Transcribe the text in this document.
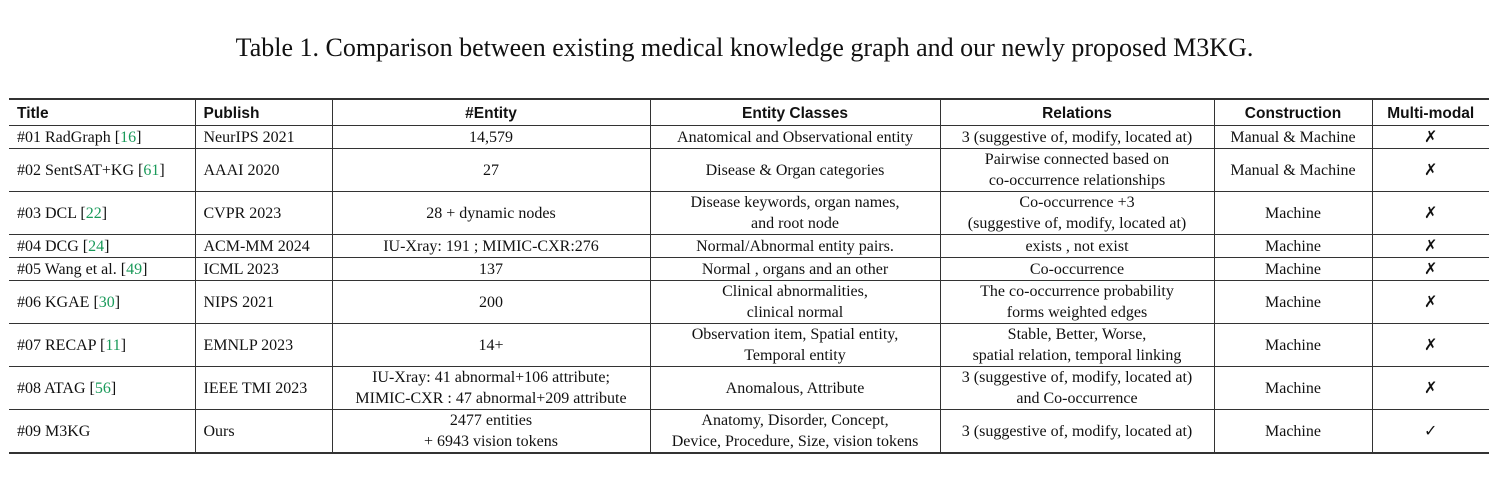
Table 1. Comparison between existing medical knowledge graph and our newly proposed M3KG.
Title	Publish	#Entity	Entity Classes	Relations	Construction	Multi-modal
#01 RadGraph [16]	NeurIPS 2021	14,579	Anatomical and Observational entity	3 (suggestive of, modify, located at)	Manual & Machine	✗
#02 SentSAT+KG [61]	AAAI 2020	27	Disease & Organ categories	Pairwise connected based on
co-occurrence relationships	Manual & Machine	✗
#03 DCL [22]	CVPR 2023	28 + dynamic nodes	Disease keywords, organ names,
and root node	Co-occurrence +3
(suggestive of, modify, located at)	Machine	✗
#04 DCG [24]	ACM-MM 2024	IU-Xray: 191 ; MIMIC-CXR:276	Normal/Abnormal entity pairs.	exists , not exist	Machine	✗
#05 Wang et al. [49]	ICML 2023	137	Normal , organs and an other	Co-occurrence	Machine	✗
#06 KGAE [30]	NIPS 2021	200	Clinical abnormalities,
clinical normal	The co-occurrence probability
forms weighted edges	Machine	✗
#07 RECAP [11]	EMNLP 2023	14+	Observation item, Spatial entity,
Temporal entity	Stable, Better, Worse,
spatial relation, temporal linking	Machine	✗
#08 ATAG [56]	IEEE TMI 2023	IU-Xray: 41 abnormal+106 attribute;
MIMIC-CXR : 47 abnormal+209 attribute	Anomalous, Attribute	3 (suggestive of, modify, located at)
and Co-occurrence	Machine	✗
#09 M3KG	Ours	2477 entities
+ 6943 vision tokens	Anatomy, Disorder, Concept,
Device, Procedure, Size, vision tokens	3 (suggestive of, modify, located at)	Machine	✓
